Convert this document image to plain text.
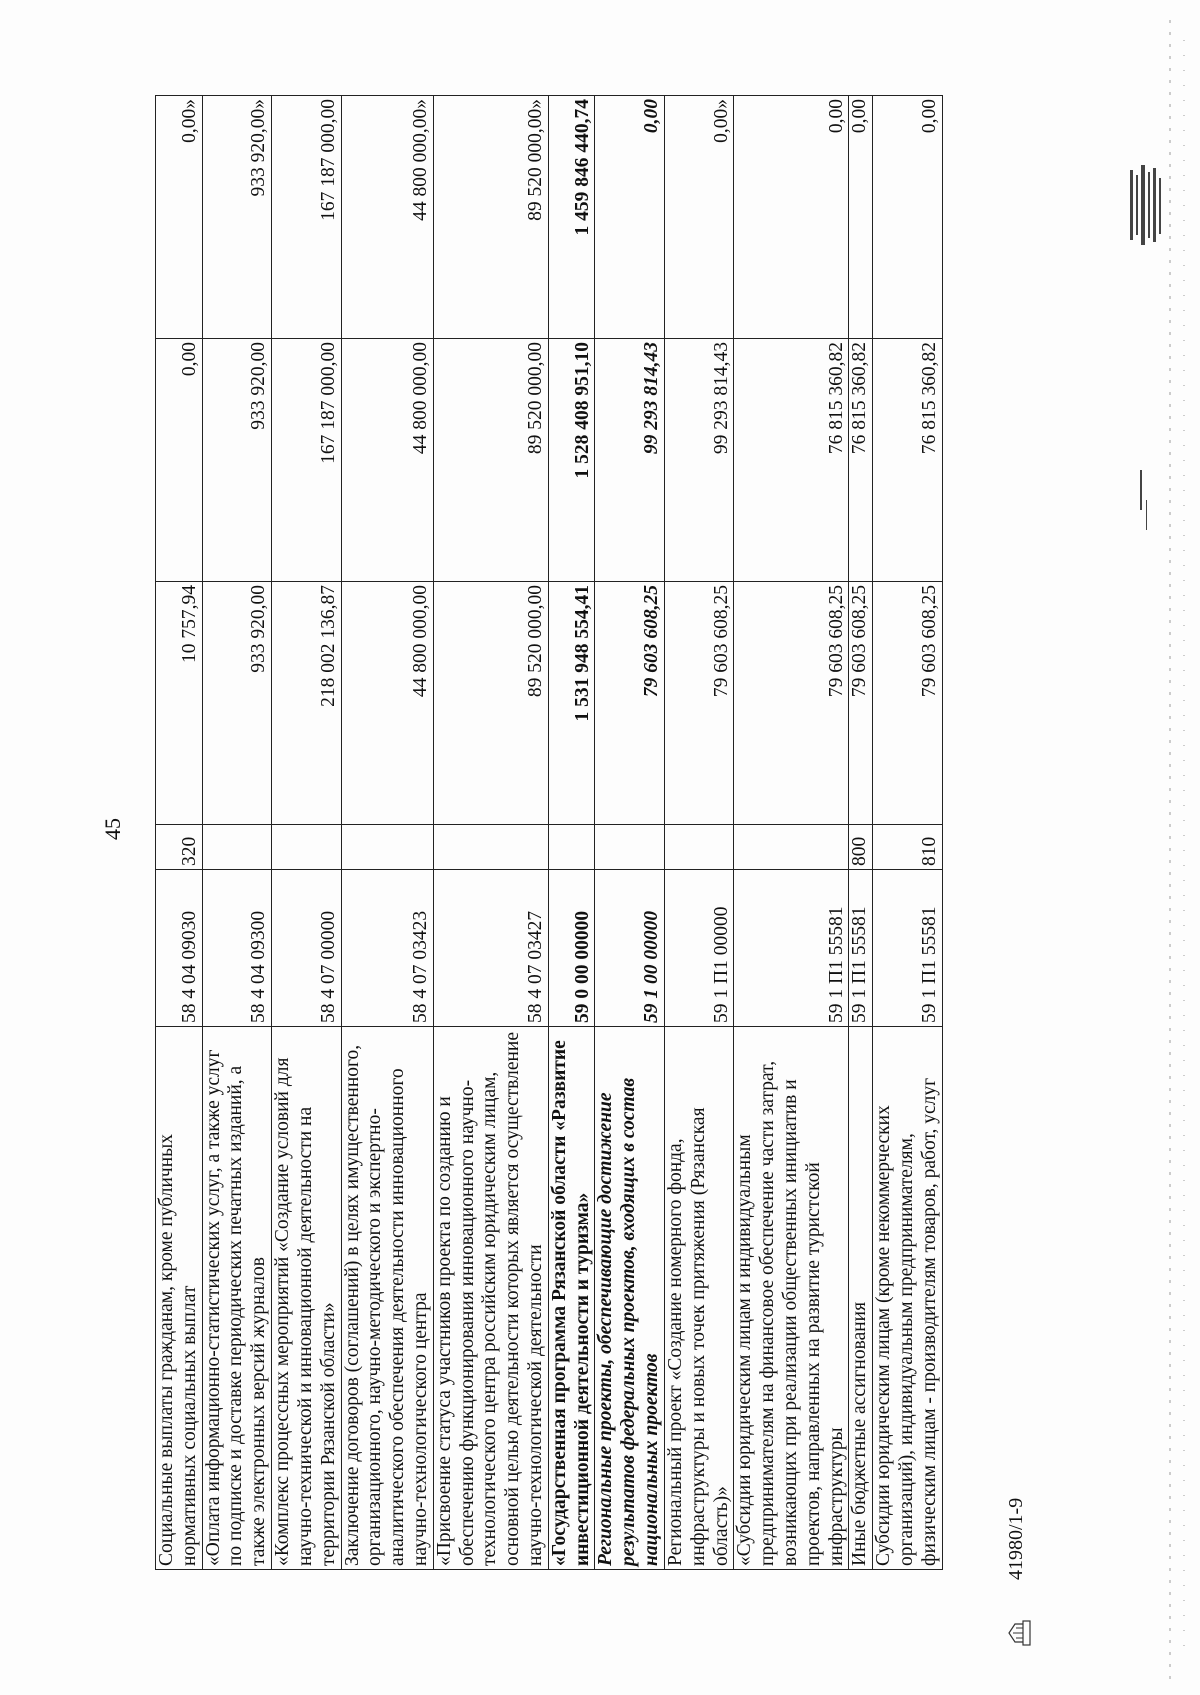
45
Социальные выплаты гражданам, кроме публичных нормативных социальных выплат	58 4 04 09030	320	10 757,94	0,00	0,00»
«Оплата информационно-статистических услуг, а также услуг по подписке и доставке периодических печатных изданий, а также электронных версий журналов	58 4 04 09300		933 920,00	933 920,00	933 920,00»
«Комплекс процессных мероприятий «Создание условий для научно-технической и инновационной деятельности на территории Рязанской области»	58 4 07 00000		218 002 136,87	167 187 000,00	167 187 000,00
Заключение договоров (соглашений) в целях имущественного, организационного, научно-методического и экспертно-аналитического обеспечения деятельности инновационного научно-технологического центра	58 4 07 03423		44 800 000,00	44 800 000,00	44 800 000,00»
«Присвоение статуса участников проекта по созданию и обеспечению функционирования инновационного научно-технологического центра российским юридическим лицам, основной целью деятельности которых является осуществление научно-технологической деятельности	58 4 07 03427		89 520 000,00	89 520 000,00	89 520 000,00»
«Государственная программа Рязанской области «Развитие инвестиционной деятельности и туризма»	59 0 00 00000		1 531 948 554,41	1 528 408 951,10	1 459 846 440,74
Региональные проекты, обеспечивающие достижение результатов федеральных проектов, входящих в состав национальных проектов	59 1 00 00000		79 603 608,25	99 293 814,43	0,00
Региональный проект «Создание номерного фонда, инфраструктуры и новых точек притяжения (Рязанская область)»	59 1 П1 00000		79 603 608,25	99 293 814,43	0,00»
«Субсидии юридическим лицам и индивидуальным предпринимателям на финансовое обеспечение части затрат, возникающих при реализации общественных инициатив и проектов, направленных на развитие туристской инфраструктуры	59 1 П1 55581		79 603 608,25	76 815 360,82	0,00
Иные бюджетные ассигнования	59 1 П1 55581	800	79 603 608,25	76 815 360,82	0,00
Субсидии юридическим лицам (кроме некоммерческих организаций), индивидуальным предпринимателям, физическим лицам - производителям товаров, работ, услуг	59 1 П1 55581	810	79 603 608,25	76 815 360,82	0,00
41980/1-9
